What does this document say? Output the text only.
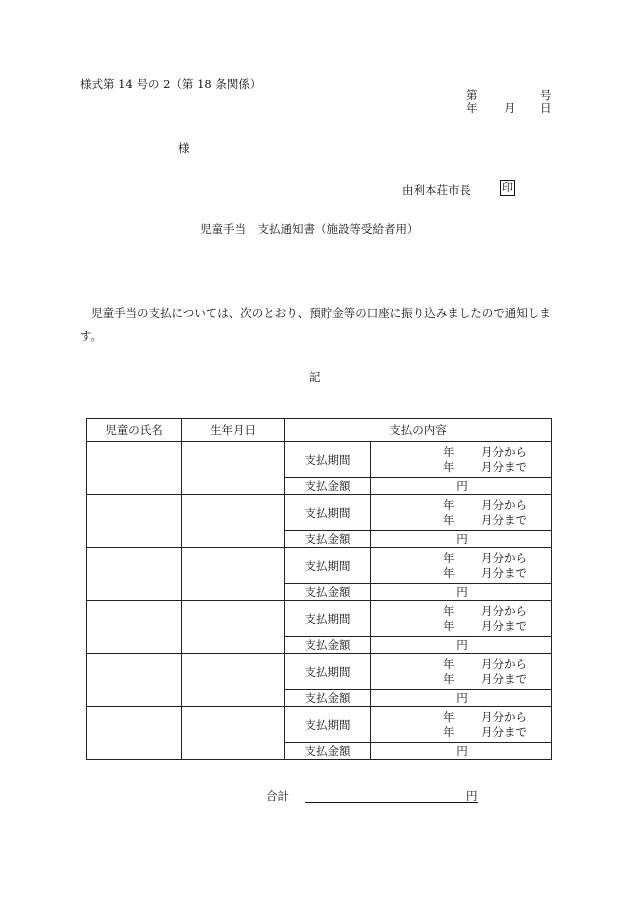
様式第 14 号の 2（第 18 条関係）
第	号
年 月 日
様
由利本荘市長	印
児童手当　支払通知書（施設等受給者用）
児童手当の支払については、次のとおり、預貯金等の口座に振り込みましたので通知します。
記
児童の氏名	生年月日	支払の内容	
		支払期間	年 月分から
年 月分まで

		支払金額	円
		支払期間	年 月分から
年 月分まで

		支払金額	円
		支払期間	年 月分から
年 月分まで

		支払金額	円
		支払期間	年 月分から
年 月分まで

		支払金額	円
		支払期間	年 月分から
年 月分まで

		支払金額	円
		支払期間	年 月分から
年 月分まで

		支払金額	円
合計	円
